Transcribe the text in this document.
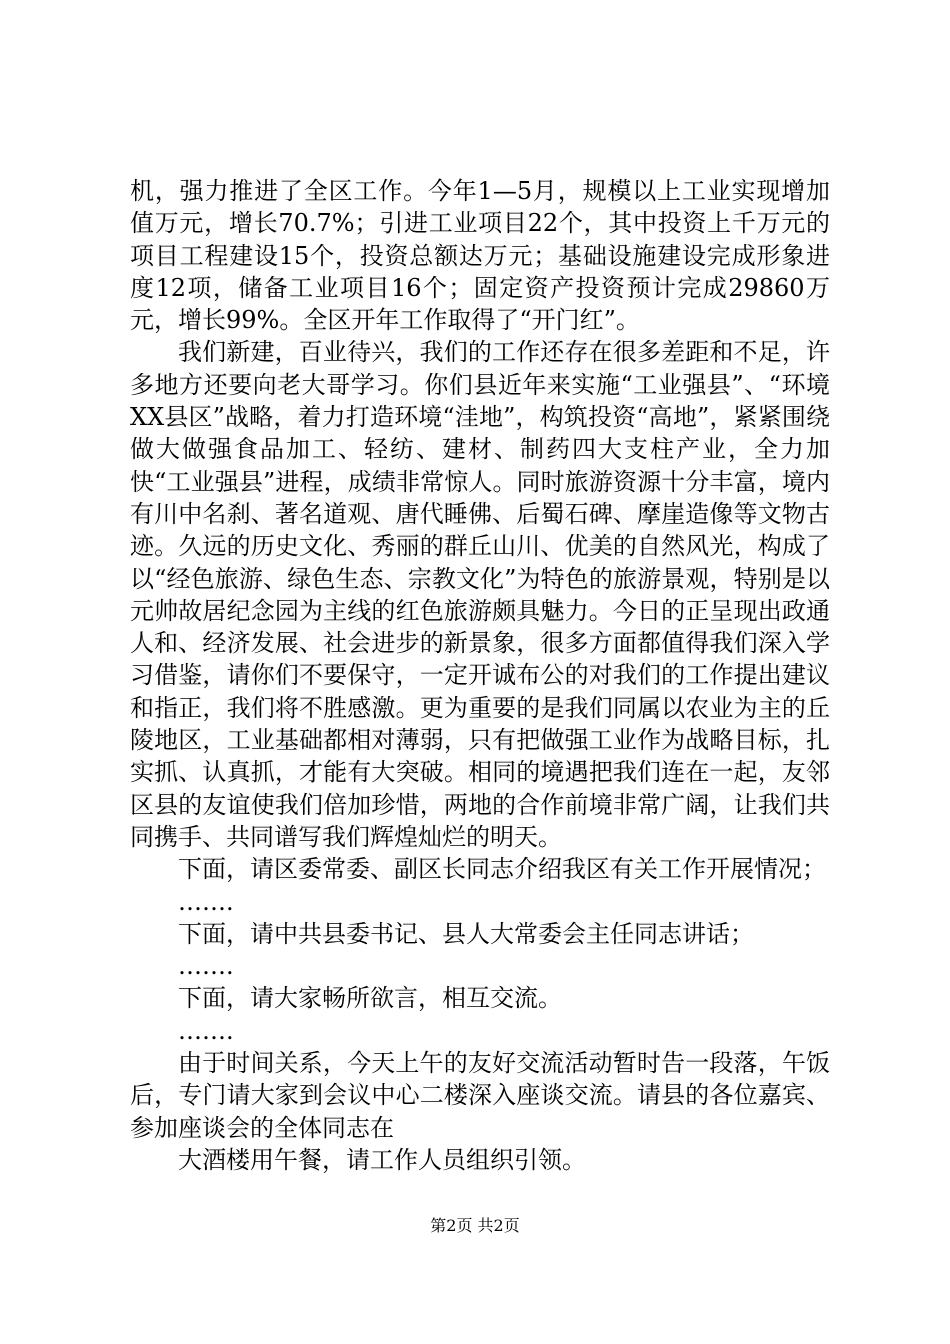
机，强力推进了全区工作。今年1—5月，规模以上工业实现增加值万元，增长70.7%；引进工业项目22个，其中投资上千万元的项目工程建设15个，投资总额达万元；基础设施建设完成形象进度12项，储备工业项目16个；固定资产投资预计完成29860万元，增长99%。全区开年工作取得了“开门红”。

我们新建，百业待兴，我们的工作还存在很多差距和不足，许多地方还要向老大哥学习。你们县近年来实施“工业强县”、“环境XX县区”战略，着力打造环境“洼地”，构筑投资“高地”，紧紧围绕做大做强食品加工、轻纺、建材、制药四大支柱产业，全力加快“工业强县”进程，成绩非常惊人。同时旅游资源十分丰富，境内有川中名刹、著名道观、唐代睡佛、后蜀石碑、摩崖造像等文物古迹。久远的历史文化、秀丽的群丘山川、优美的自然风光，构成了以“经色旅游、绿色生态、宗教文化”为特色的旅游景观，特别是以元帅故居纪念园为主线的红色旅游颇具魅力。今日的正呈现出政通人和、经济发展、社会进步的新景象，很多方面都值得我们深入学习借鉴，请你们不要保守，一定开诚布公的对我们的工作提出建议和指正，我们将不胜感激。更为重要的是我们同属以农业为主的丘陵地区，工业基础都相对薄弱，只有把做强工业作为战略目标，扎实抓、认真抓，才能有大突破。相同的境遇把我们连在一起，友邻区县的友谊使我们倍加珍惜，两地的合作前境非常广阔，让我们共同携手、共同谱写我们辉煌灿烂的明天。

下面，请区委常委、副区长同志介绍我区有关工作开展情况；

…….

下面，请中共县委书记、县人大常委会主任同志讲话；

…….

下面，请大家畅所欲言，相互交流。

…….

由于时间关系，今天上午的友好交流活动暂时告一段落，午饭后，专门请大家到会议中心二楼深入座谈交流。请县的各位嘉宾、参加座谈会的全体同志在

大酒楼用午餐，请工作人员组织引领。

第2页 共2页
